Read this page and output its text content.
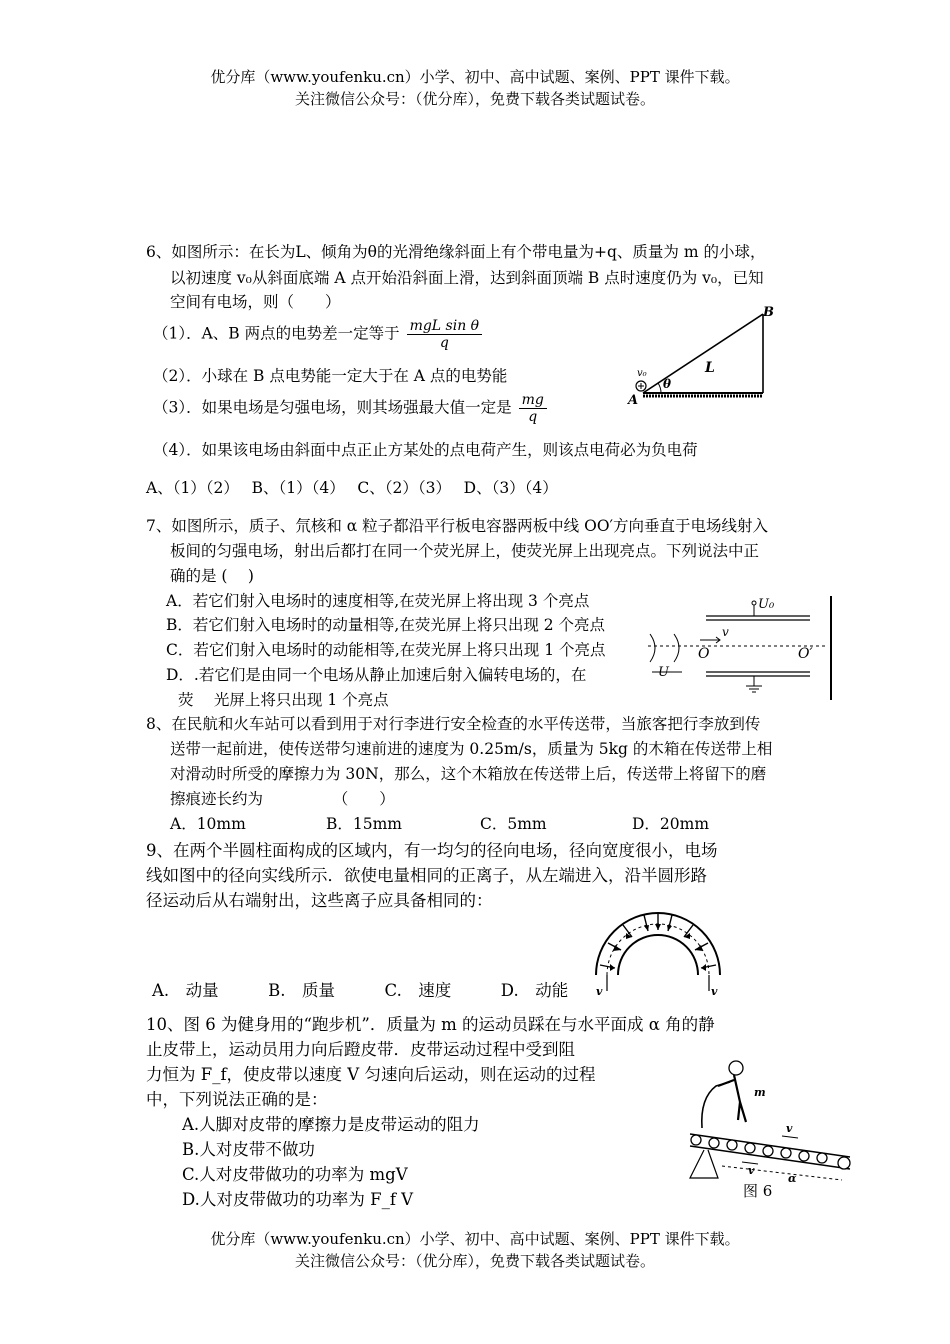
优分库（www.youfenku.cn）小学、初中、高中试题、案例、PPT 课件下载。
关注微信公众号：（优分库），免费下载各类试题试卷。
6、如图所示：在长为L、倾角为θ的光滑绝缘斜面上有个带电量为+q、质量为 m 的小球，
以初速度 v₀从斜面底端 A 点开始沿斜面上滑，达到斜面顶端 B 点时速度仍为 v₀，已知
空间有电场，则（　　）
（1）．A、B 两点的电势差一定等于 $\frac{\text{mgL sin θ}}{q}$
（2）．小球在 B 点电势能一定大于在 A 点的电势能
（3）．如果电场是匀强电场，则其场强最大值一定是 $\frac{mg}{q}$
（4）．如果该电场由斜面中点正止方某处的点电荷产生，则该点电荷必为负电荷
A、（1）（2）　 B、（1）（4）　 C、（2）（3）　 D、（3）（4）
B
L
v₀
θ
A
7、如图所示，质子、氘核和 α 粒子都沿平行板电容器两板中线 OO′方向垂直于电场线射入
板间的匀强电场，射出后都打在同一个荧光屏上，使荧光屏上出现亮点。下列说法中正
确的是 (　 )
A．若它们射入电场时的速度相等,在荧光屏上将出现 3 个亮点
B．若它们射入电场时的动量相等,在荧光屏上将只出现 2 个亮点
C．若它们射入电场时的动能相等,在荧光屏上将只出现 1 个亮点
D．.若它们是由同一个电场从静止加速后射入偏转电场的，在
荧　 光屏上将只出现 1 个亮点
U₀
v
O	O′
U
8、在民航和火车站可以看到用于对行李进行安全检查的水平传送带，当旅客把行李放到传
送带一起前进，使传送带匀速前进的速度为 0.25m/s，质量为 5kg 的木箱在传送带上相
对滑动时所受的摩擦力为 30N，那么，这个木箱放在传送带上后，传送带上将留下的磨
擦痕迹长约为　　　　　（　　）
A．10mm	B．15mm	C．5mm	D．20mm
9、在两个半圆柱面构成的区域内，有一均匀的径向电场，径向宽度很小，电场
线如图中的径向实线所示．欲使电量相同的正离子，从左端进入，沿半圆形路
径运动后从右端射出，这些离子应具备相同的：
A.　动量　　　B.　质量　　　C.　速度　　　D.　动能	v	v
10、图 6 为健身用的“跑步机”．质量为 m 的运动员踩在与水平面成 α 角的静
止皮带上，运动员用力向后蹬皮带．皮带运动过程中受到阻
力恒为 F_f，使皮带以速度 V 匀速向后运动，则在运动的过程
中，下列说法正确的是：
A.人脚对皮带的摩擦力是皮带运动的阻力
B.人对皮带不做功
C.人对皮带做功的功率为 mgV
D.人对皮带做功的功率为 F_f V
m
v
v
α
图 6
优分库（www.youfenku.cn）小学、初中、高中试题、案例、PPT 课件下载。
关注微信公众号：（优分库），免费下载各类试题试卷。
